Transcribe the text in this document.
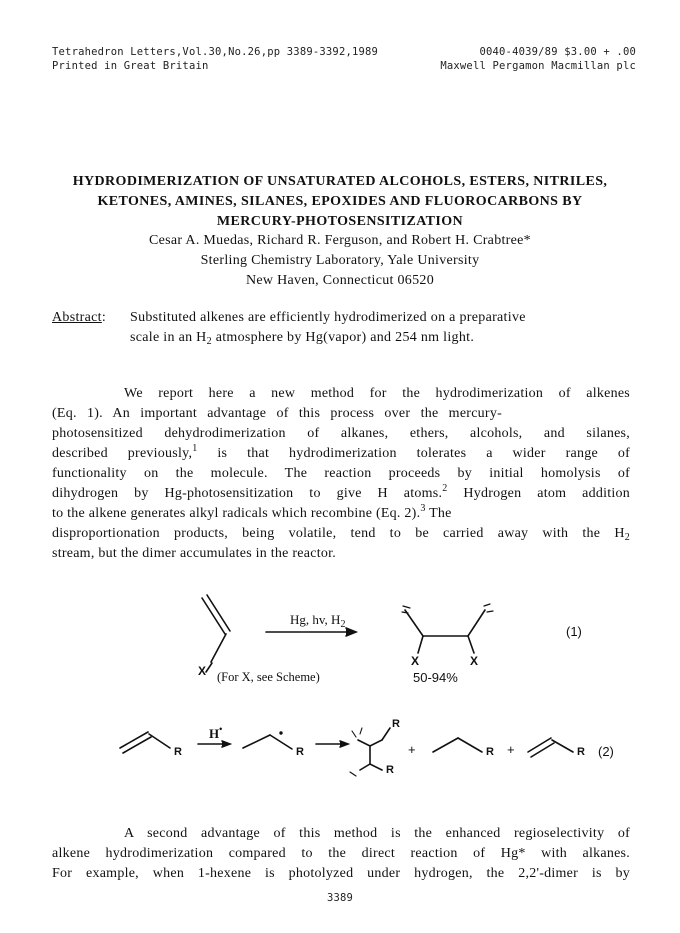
Tetrahedron Letters,Vol.30,No.26,pp 3389-3392,1989	0040-4039/89 $3.00 + .00
Printed in Great Britain	Maxwell Pergamon Macmillan plc
HYDRODIMERIZATION OF UNSATURATED ALCOHOLS, ESTERS, NITRILES,
KETONES, AMINES, SILANES, EPOXIDES AND FLUOROCARBONS BY
MERCURY-PHOTOSENSITIZATION
Cesar A. Muedas, Richard R. Ferguson, and Robert H. Crabtree*
Sterling Chemistry Laboratory, Yale University
New Haven, Connecticut 06520
Abstract: Substituted alkenes are efficiently hydrodimerized on a preparative
scale in an $H_2$ atmosphere by Hg(vapor) and 254 nm light.
We report here a new method for the hydrodimerization of alkenes
(Eq. 1). An important advantage of this process over the mercury-
photosensitized dehydrodimerization of alkanes, ethers, alcohols, and silanes,
described previously,$^1$ is that hydrodimerization tolerates a wider range of
functionality on the molecule. The reaction proceeds by initial homolysis of
dihydrogen by Hg-photosensitization to give H atoms.$^2$ Hydrogen atom addition
to the alkene generates alkyl radicals which recombine (Eq. 2).$^3$ The
disproportionation products, being volatile, tend to be carried away with the $H_2$
stream, but the dimer accumulates in the reactor.
Hg, hv, $H_2$
X
X	X
(For X, see Scheme)	50-94%
(1)
H•
R	R
R
R
+	R +	R (2)
A second advantage of this method is the enhanced regioselectivity of
alkene hydrodimerization compared to the direct reaction of Hg* with alkanes.
For example, when 1-hexene is photolyzed under hydrogen, the 2,2'-dimer is by
3389
